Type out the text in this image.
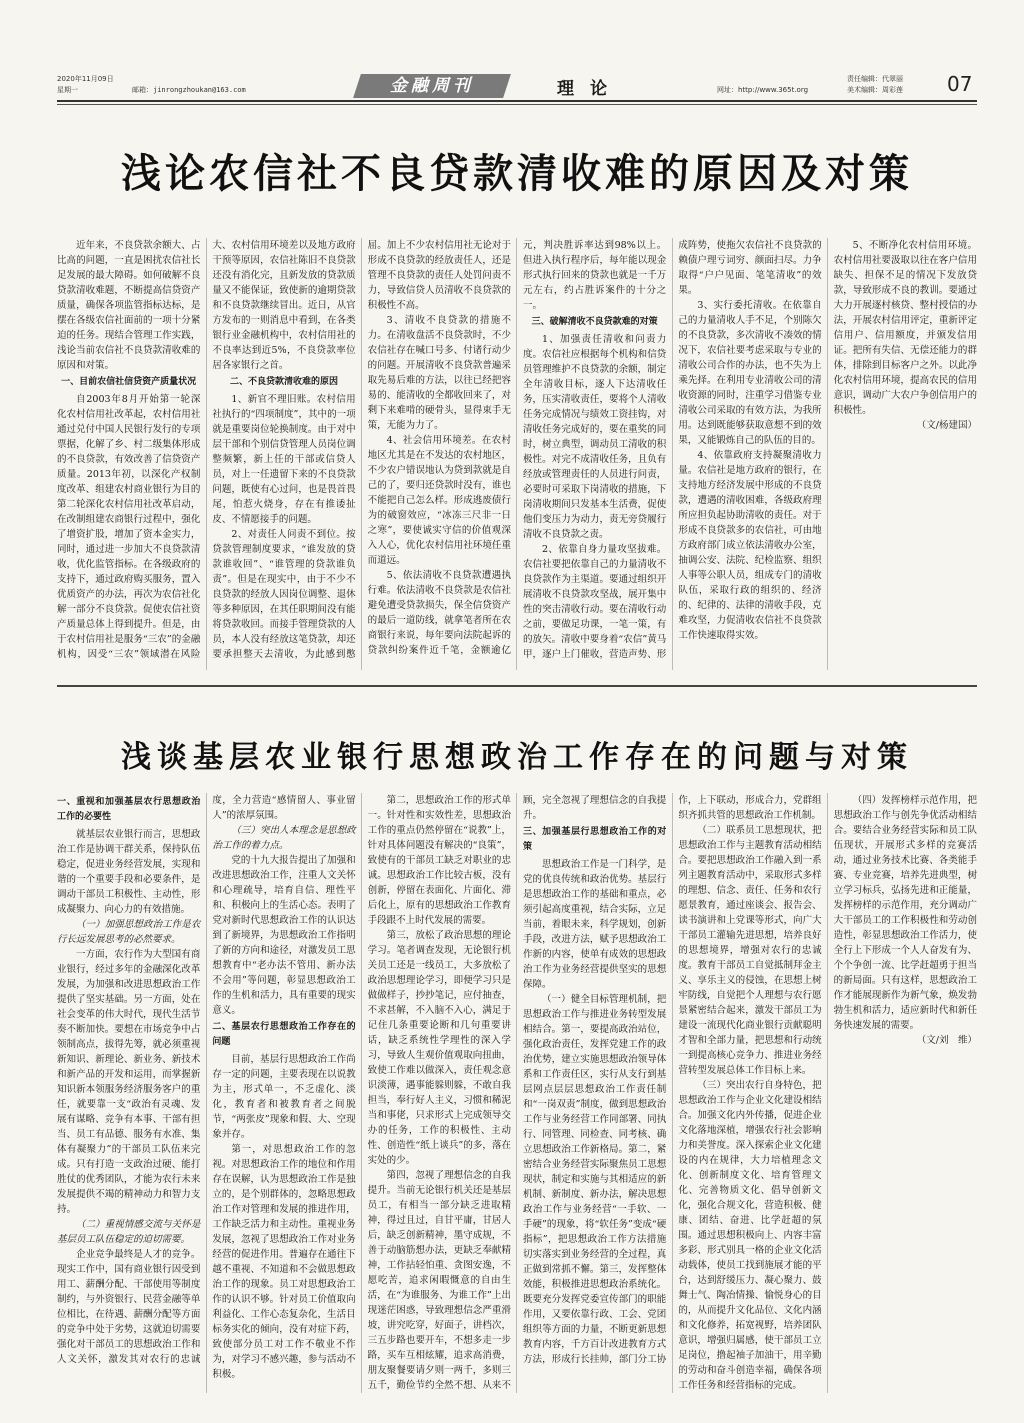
2020年11月09日
星期一	邮箱：jinrongzhoukan@163.com	金融周刊	理论	网址：http://www.365t.org
责任编辑：代翠丽
美术编辑：周彩莲 07
浅论农信社不良贷款清收难的原因及对策

近年来，不良贷款余额大、占比高的问题，一直是困扰农信社长足发展的最大障碍。如何破解不良贷款清收难题，不断提高信贷资产质量，确保各项监管指标达标，是摆在各级农信社面前的一项十分紧迫的任务。现结合管理工作实践，浅论当前农信社不良贷款清收难的原因和对策。

一、目前农信社信贷资产质量状况

自2003年8月开始第一轮深化农村信用社改革起，农村信用社通过兑付中国人民银行发行的专项票据，化解了乡、村二级集体形成的不良贷款，有效改善了信贷资产质量。2013年初，以深化产权制度改革、组建农村商业银行为目的第二轮深化农村信用社改革启动，在改制组建农商银行过程中，强化了增资扩股，增加了资本金实力，同时，通过进一步加大不良贷款清收，优化监管指标。在各级政府的支持下，通过政府购买服务，置入优质资产的办法，再次为农信社化解一部分不良贷款。促使农信社资产质量总体上得到提升。但是，由于农村信用社是服务“三农”的金融机构，因受“三农”领域潜在风险大、农村信用环境差以及地方政府干预等原因，农信社陈旧不良贷款还没有消化完，且新发放的贷款质量又不能保证，致使新的逾期贷款和不良贷款继续冒出。近日，从官方发布的一则消息中看到，在各类银行业金融机构中，农村信用社的不良率达到近5%，不良贷款率位居各家银行之首。

二、不良贷款清收难的原因

1、新官不理旧账。农村信用社执行的“四项制度”，其中的一项就是重要岗位轮换制度。由于对中层干部和个别信贷管理人员岗位调整频繁，新上任的干部或信贷人员，对上一任遗留下来的不良贷款问题，既使有心过问，也是畏首畏尾，怕惹火烧身，存在有推诿扯皮、不情愿接手的问题。

2、对责任人问责不到位。按贷款管理制度要求，“谁发放的贷款谁收回”、“谁管理的贷款谁负责”。但是在现实中，由于不少不良贷款的经放人因岗位调整、退休等多种原因，在其任职期间没有能将贷款收回。而接手管理贷款的人员，本人没有经放这笔贷款，却还要承担整天去清收，为此感到憋屈。加上不少农村信用社无论对于形成不良贷款的经放责任人，还是管理不良贷款的责任人处罚问责不力，导致信贷人员清收不良贷款的积极性不高。

3、清收不良贷款的措施不力。在清收盘活不良贷款时，不少农信社存在喊口号多、付诸行动少的问题。开展清收不良贷款普遍采取先易后难的方法，以往已经把容易的、能清收的全都收回来了，对剩下来难啃的硬骨头，显得束手无策，无能为力了。

4、社会信用环境差。在农村地区尤其是在不发达的农村地区，不少农户错误地认为贷到款就是自己的了，要归还贷款时没有，谁也不能把自己怎么样。形成逃废债行为的破窗效应，“冰冻三尺非一日之寒”，要使诚实守信的价值观深入人心，优化农村信用社环境任重而道远。

5、依法清收不良贷款遭遇执行难。依法清收不良贷款是农信社避免遭受贷款损失，保全信贷资产的最后一道防线，就拿笔者所在农商银行来说，每年要向法院起诉的贷款纠纷案件近千笔，金额逾亿元，判决胜诉率达到98%以上。但进入执行程序后，每年能以现金形式执行回来的贷款也就是一千万元左右，约占胜诉案件的十分之一。

三、破解清收不良贷款难的对策

1、加强责任清收和问责力度。农信社应根据每个机构和信贷员管理维护不良贷款的余额，制定全年清收目标，逐人下达清收任务，压实清收责任，要将个人清收任务完成情况与绩效工资挂钩，对清收任务完成好的，要在重奖的同时，树立典型，调动员工清收的积极性。对完不成清收任务，且负有经放或管理责任的人员进行问责，必要时可采取下岗清收的措施，下岗清收期间只发基本生活费，促使他们变压力为动力，责无旁贷履行清收不良贷款之责。

2、依靠自身力量攻坚拔难。农信社要把依靠自己的力量清收不良贷款作为主渠道。要通过组织开展清收不良贷款攻坚战，展开集中性的突击清收行动。要在清收行动之前，要做足功课，一笔一策，有的放矢。清收中要身着“农信”黄马甲，逐户上门催收，营造声势、形成阵势，使拖欠农信社不良贷款的赖债户理亏词穷、颜面扫尽。力争取得“户户见面、笔笔清收”的效果。

3、实行委托清收。在依靠自己的力量清收人手不足，个别陈欠的不良贷款，多次清收不凑效的情况下，农信社要考虑采取与专业的清收公司合作的办法，也不失为上乘先择。在利用专业清收公司的清收资源的同时，注重学习借鉴专业清收公司采取的有效方法，为我所用。达到既能够获取意想不到的效果，又能锻炼自己的队伍的目的。

4、依靠政府支持凝聚清收力量。农信社是地方政府的银行，在支持地方经济发展中形成的不良贷款，遭遇的清收困难，各级政府理所应担负起协助清收的责任。对于形成不良贷款多的农信社，可由地方政府部门成立依法清收办公室，抽调公安、法院、纪检监察、组织人事等公职人员，组成专门的清收队伍，采取行政的组织的、经济的、纪律的、法律的清收手段，克难攻坚，力促清收农信社不良贷款工作快速取得实效。

5、不断净化农村信用环境。农村信用社要汲取以往在客户信用缺失、担保不足的情况下发放贷款，导致形成不良的教训。要通过大力开展逐村核贷、整村授信的办法，开展农村信用评定，重新评定信用户、信用额度，并颁发信用证。把所有失信、无偿还能力的群体，排除到目标客户之外。以此净化农村信用环境，提高农民的信用意识，调动广大农户争创信用户的积极性。

（文/杨建国）

浅谈基层农业银行思想政治工作存在的问题与对策

一、重视和加强基层农行思想政治工作的必要性

就基层农业银行而言，思想政治工作是协调干群关系，保持队伍稳定，促进业务经营发展，实现和谐的一个重要手段和必要条件，是调动干部员工积极性、主动性，形成凝聚力、向心力的有效措施。

（一）加强思想政治工作是农行长远发展思考的必然要求。

一方面，农行作为大型国有商业银行，经过多年的金融深化改革发展，为加强和改进思想政治工作提供了坚实基础。另一方面，处在社会变革的伟大时代，现代生活节奏不断加快。要想在市场竞争中占领制高点，拔得先筹，就必须重视新知识、新理论、新业务、新技术和新产品的开发和运用，而掌握新知识新本领服务经济服务客户的重任，就要靠一支“政治有灵魂、发展有谋略、竞争有本事、干部有担当、员工有品德、服务有水准、集体有凝聚力”的干部员工队伍来完成。只有打造一支政治过硬、能打胜仗的优秀团队，才能为农行未来发展提供不竭的精神动力和智力支持。

（二）重视情感交流与关怀是基层员工队伍稳定的迫切需要。

企业竞争最终是人才的竞争。现实工作中，国有商业银行因受到用工、薪酬分配、干部使用等制度制约，与外资银行、民营金融等单位相比，在待遇、薪酬分配等方面的竞争中处于劣势，这就迫切需要强化对干部员工的思想政治工作和人文关怀，激发其对农行的忠诚度，全力营造“感情留人、事业留人”的浓厚氛围。

（三）突出人本理念是思想政治工作的着力点。

党的十九大报告提出了加强和改进思想政治工作，注重人文关怀和心理疏导，培育自信、理性平和、积极向上的生活心态。表明了党对新时代思想政治工作的认识达到了新境界，为思想政治工作指明了新的方向和途径，对激发员工思想教育中“老办法不管用、新办法不会用”等问题，彰显思想政治工作的生机和活力，具有重要的现实意义。

二、基层农行思想政治工作存在的问题

目前，基层行思想政治工作尚存一定的问题，主要表现在以说教为主，形式单一，不乏虚化、淡化，教育者和被教育者之间脱节，“两张皮”现象和假、大、空现象并存。

第一，对思想政治工作的忽视。对思想政治工作的地位和作用存在误解，认为思想政治工作是独立的，是个别群体的，忽略思想政治工作对管理和发展的推进作用，工作缺乏活力和主动性。重视业务发展，忽视了思想政治工作对业务经营的促进作用。普遍存在通往下越不重视、不知道和不会做思想政治工作的现象。员工对思想政治工作的认识不够。针对员工价值取向利益化、工作心态复杂化，生活目标务实化的倾向，没有对症下药，致使部分员工对工作不敬业不作为，对学习不感兴趣，参与活动不积极。

第二，思想政治工作的形式单一。针对性和实效性差，思想政治工作的重点仍然停留在“说教”上，针对具体问题没有解决的“良策”，致使有的干部员工缺乏对职业的忠诚。思想政治工作比较古板，没有创新，停留在表面化、片面化、滞后化上，原有的思想政治工作教育手段跟不上时代发展的需要。

第三，放松了政治思想的理论学习。笔者调查发现，无论银行机关员工还是一线员工，大多放松了政治思想理论学习，即便学习只是做做样子，抄抄笔记，应付抽查，不求甚解，不入脑不入心，满足于记住几条重要论断和几句重要讲话，缺乏系统性学理性的深入学习，导致人生观价值观取向扭曲，致使工作难以做深入，责任观念意识淡薄，遇事能躲则躲，不敢自我担当，奉行好人主义，习惯和稀泥当和事佬，只求形式上完成领导交办的任务，工作的积极性、主动性、创造性“纸上谈兵”的多，落在实处的少。

第四，忽视了理想信念的自我提升。当前无论银行机关还是基层员工，有相当一部分缺乏进取精神，得过且过，自甘平庸，甘居人后，缺乏创新精神，墨守成规，不善于动脑筋想办法，更缺乏奉献精神，工作拈轻怕重、贪图安逸，不愿吃苦，追求闲暇慨意的自由生活，在“为谁服务、为谁工作”上出现迷茫困惑，导致理想信念严重滑坡，讲究吃穿，好面子，讲档次，三五步路也要开车，不想多走一步路，买车互相炫耀，追求高消费，朋友聚餐要请夕则一两千，多则三五千，勤俭节约全然不想、从来不顾，完全忽视了理想信念的自我提升。

三、加强基层行思想政治工作的对策

思想政治工作是一门科学，是党的优良传统和政治优势。基层行是思想政治工作的基础和重点，必须引起高度重视，结合实际，立足当前，着眼未来，科学规划，创新手段，改进方法，赋予思想政治工作新的内容，使单有成效的思想政治工作为业务经营提供坚实的思想保障。

（一）健全目标管理机制，把思想政治工作与推进业务转型发展相结合。第一，要提高政治站位，强化政治责任，发挥党建工作的政治优势，建立实施思想政治领导体系和工作责任区，实行从支行到基层网点层层思想政治工作责任制和“一岗双责”制度，做到思想政治工作与业务经营工作同部署、同执行、同管理、同检查、同考核、确立思想政治工作新格局。第二，紧密结合业务经营实际聚焦员工思想现状，制定和实施与其相适应的新机制、新制度、新办法，解决思想政治工作与业务经营“一手软、一手硬”的现象，将“软任务”变成“硬指标”，把思想政治工作方法措施切实落实到业务经营的全过程，真正做到常抓不懈。第三，发挥整体效能，积极推进思想政治系统化。既要充分发挥党委宣传部门的职能作用，又要依靠行政、工会、党团组织等方面的力量，不断更新思想教育内容，千方百计改进教育方式方法，形成行长挂帅，部门分工协作，上下联动，形成合力，党群组织齐抓共管的思想政治工作机制。

（二）联系员工思想现状，把思想政治工作与主题教育活动相结合。要把思想政治工作融入到一系列主题教育活动中，采取形式多样的理想、信念、责任、任务和农行愿景教育，通过座谈会、报告会、读书演讲和上党课等形式，向广大干部员工灌输先进思想，培养良好的思想境界，增强对农行的忠诚度。教育干部员工自觉抵制拜金主义、享乐主义的侵蚀，在思想上树牢防线，自觉把个人理想与农行愿景紧密结合起来，激发干部员工为建设一流现代化商业银行贡献聪明才智和全部力量，把思想和行动统一到提高核心竞争力、推进业务经营转型发展总体工作目标上来。

（三）突出农行自身特色，把思想政治工作与企业文化建设相结合。加强文化内外传播，促进企业文化落地深植，增强农行社会影响力和美誉度。深入探索企业文化建设的内在规律，大力培植理念文化、创新制度文化、培育管理文化、完善物质文化、倡导创新文化，强化合规文化，营造积极、健康、团结、奋进、比学赶超的氛围。通过思想积极向上、内容丰富多彩、形式别具一格的企业文化活动载体，使员工找到施展才能的平台，达到舒缓压力、凝心聚力、鼓舞士气、陶冶情操、愉悦身心的目的，从而提升文化品位、文化内涵和文化修养，拓宽视野，培养团队意识，增强归属感，使干部员工立足岗位，撸起袖子加油干，用辛勤的劳动和奋斗创造幸福，确保各项工作任务和经营指标的完成。

（四）发挥榜样示范作用，把思想政治工作与创先争优活动相结合。要结合业务经营实际和员工队伍现状，开展形式多样的竞赛活动，通过业务技术比赛、各类能手赛、专业竞赛，培养先进典型，树立学习标兵，弘扬先进和正能量，发挥榜样的示范作用，充分调动广大干部员工的工作积极性和劳动创造性，彰显思想政治工作活力，使全行上下形成一个人人奋发有为、个个争创一流、比学赶超勇于担当的新局面。只有这样，思想政治工作才能展现新作为新气象，焕发勃勃生机和活力，适应新时代和新任务快速发展的需要。

（文/刘　维）
